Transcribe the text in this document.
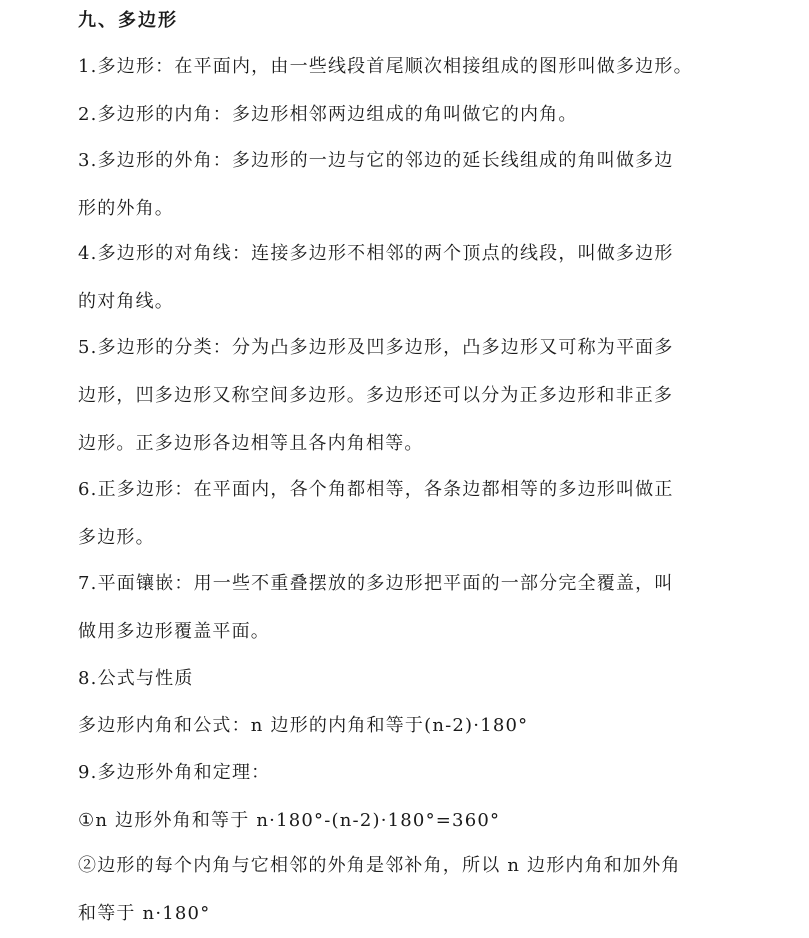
九、多边形
1.多边形：在平面内，由一些线段首尾顺次相接组成的图形叫做多边形。
2.多边形的内角：多边形相邻两边组成的角叫做它的内角。
3.多边形的外角：多边形的一边与它的邻边的延长线组成的角叫做多边
形的外角。
4.多边形的对角线：连接多边形不相邻的两个顶点的线段，叫做多边形
的对角线。
5.多边形的分类：分为凸多边形及凹多边形，凸多边形又可称为平面多
边形，凹多边形又称空间多边形。多边形还可以分为正多边形和非正多
边形。正多边形各边相等且各内角相等。
6.正多边形：在平面内，各个角都相等，各条边都相等的多边形叫做正
多边形。
7.平面镶嵌：用一些不重叠摆放的多边形把平面的一部分完全覆盖，叫
做用多边形覆盖平面。
8.公式与性质
多边形内角和公式：n 边形的内角和等于(n-2)·180°
9.多边形外角和定理：
①n 边形外角和等于 n·180°-(n-2)·180°=360°
②边形的每个内角与它相邻的外角是邻补角，所以 n 边形内角和加外角
和等于 n·180°
